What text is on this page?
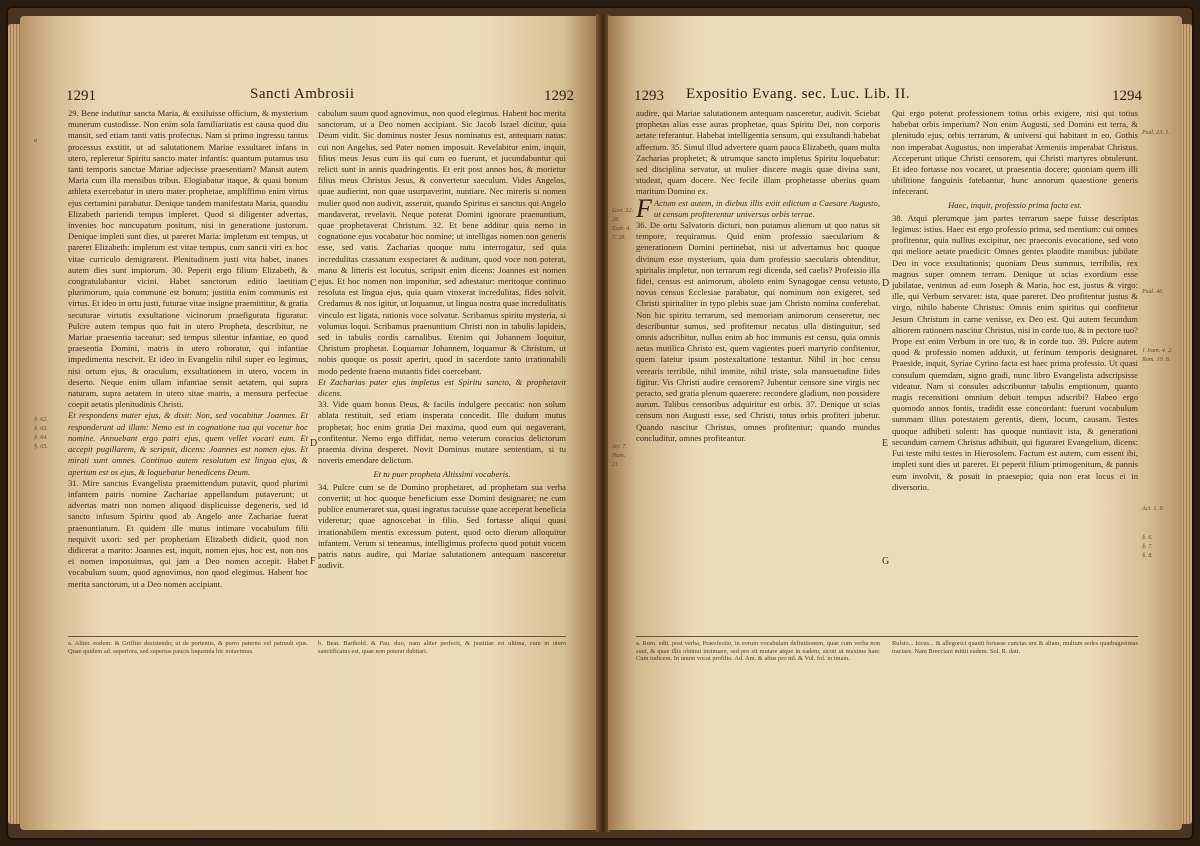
1291	Sancti Ambrosii	1292
29. Bene indutitur sancta Maria, & exsiluisse officium, & mysterium munerum custodisse. Non enim sola familiaritatis est causa quod diu mansit, sed etiam tanti vatis profectus. Nam si primo ingressu tantus processus exstitit, ut ad salutationem Mariae exsultaret infans in utero, repleretur Spiritu sancto mater infantis: quantum putamus usu tanti temporis sanctae Mariae adjecisse praesentiam? Mansit autem Maria cum illa mensibus tribus. Elogiabatur itaque, & quasi bonum athleta exercebatur in utero mater prophetae, ampliffimo enim virtus ejus certamini parabatur. Denique tandem manifestata Maria, quandiu Elizabeth pariendi tempus impleret. Quod si diligenter advertas, invenies hoc nuncupatum positum, nisi in generatione justorum. Denique impleti sunt dies, ut pareret Maria: impletum est tempus, ut pareret Elizabeth: impletum est vitae tempus, cum sancti viri ex hoc vitae curriculo demigrarent. Plenitudinem justi vita habet, inanes autem dies sunt impiorum. 30. Peperit ergo filium Elizabeth, & congratulabantur vicini. Habet sanctorum editio laetitiam plurimorum, quia commune est bonum; justitia enim communis est virtus. Et ideo in ortu justi, futurae vitae insigne praemittitur, & gratia secuturae virtutis exsultatione vicinorum praefigurata figuratur. Pulcre autem tempus quo fuit in utero Propheta, describitur, ne Mariae praesentia taceatur: sed tempus silentur infantiae, eo quod praesentia Domini, matris in utero roboratur, qui infantiae impedimenta nescivit. Et ideo in Evangelio nihil super eo legimus, nisi ortum ejus, & oraculum, exsultationem in utero, vocem in deserto. Neque enim ullam infantiae sensit aetatem, qui supra naturam, supra aetatem in utero sitae matris, a mensura perfectae coepit aetatis plenitudinis Christi.
Et respondens mater ejus, & dixit: Non, sed vocabitur Joannes. Et responderunt ad illam: Nemo est in cognatione tua qui vocetur hoc nomine. Annuebant ergo patri ejus, quem vellet vocari eum. Et accepit pugillarem, & scripsit, dicens: Joannes est nomen ejus. Et mirati sunt omnes. Continuo autem resolutum est lingua ejus, & apertum est os ejus, & loquebatur benedicens Deum.
31. Mire sanctus Evangelista praemittendum putavit, quod plurimi infantem patris nomine Zachariae appellandum putaverunt; ut advertas matri non nomen aliquod displicuisse degeneris, sed id sancto infusum Spiritu quod ab Angelo ante Zachariae fuerat praenuntiatum. Et quidem ille mutus intimare vocabulum filii nequivit uxori: sed per prophetiam Elizabeth didicit, quod non didicerat a marito: Joannes est, inquit, nomen ejus, hoc est, non nos ei nomen imposuimus, qui jam a Deo nomen accepit. Habet vocabulum suum, quod agnovimus, non quod elegimus. Habent hoc merita sanctorum, ut a Deo nomen accipiant.
cabulum suum quod agnovimus, non quod elegimus. Habent hoc merita sanctorum, ut a Deo nomen accipiant. Sic Jacob Israel dicitur, quia Deum vidit. Sic dominus noster Jesus nominatus est, antequam natus: cui non Angelus, sed Pater nomen imposuit. Revelabitur enim, inquit, filius meus Jesus cum iis qui cum eo fuerunt, et jucundabuntur qui relicti sunt in annis quadringentis. Et erit post annos hos, & morietur filius meus Christus Jesus, & convertetur saeculum. Vides Angelos, quae audierint, non quae usurpaverint, nuntiare. Nec mireris si nomen mulier quod non audivit, asseruit, quando Spiritus ei sanctus qui Angelo mandaverat, revelavit. Neque poterat Domini ignorare praenuntium, quae prophetaverat Christum. 32. Et bene additur quia nemo in cognatione ejus vocabatur hoc nomine; ut intelligas nomen non generis esse, sed vatis. Zacharias quoque nutu interrogatur, sed quia incredulitas crassatum exspectaret & auditum, quod voce non poterat, manu & litteris est locutus, scripsit enim dicens: Joannes est nomen ejus. Et hoc nomen non imponitur, sed adtestatur: meritoque continuo resoluta est lingua ejus, quia quam vinxerat incredulitas, fides solvit. Credamus & nos igitur, ut loquamur, ut lingua nostra quae incredulitatis vinculo est ligata, rationis voce solvatur. Scribamus spiritu mysteria, si volumus loqui. Scribamus praenuntium Christi non in tabulis lapideis, sed in tabulis cordis carnalibus. Etenim qui Johannem loquitur, Christum prophetat. Loquamur Johannem, loquamur & Christum, ut nobis quoque os possit aperiri, quod in sacerdote tanto irrationabili modo pedente fraeno mutantis fidei coercebant.
Et Zacharias pater ejus impletus est Spiritu sancto, & prophetavit dicens.
33. Vide quam bonus Deus, & facilis indulgere peccatis: non solum ablata restituit, sed etiam insperata concedit. Ille dudum mutus prophetat; hoc enim gratia Dei maxima, quod eum qui negaverant, confitentur. Nemo ergo diffidat, nemo veterum conscius delictorum praemia divina desperet. Novit Dominus mutare sententiam, si tu noveris emendare delictum.
Et tu puer propheta Altissimi vocaberis.
34. Pulcre cum se de Domino prophetaret, ad prophetam sua verba convertit; ut hoc quoque beneficium esse Domini designaret; ne cum publice enumeraret sua, quasi ingratus tacuisse quae acceperat beneficia videretur; quae agnoscebat in filio. Sed fortasse aliqui quasi irrationabilem mentis excessum putent, quod octo dierum alloquitur infantem. Verum si teneamus, intelligimus profecto quod potuit vocem patris natus audire, qui Mariae salutationem antequam nasceretur audivit.
a. Aliter. eodem: & Griffito desistendo; ut de portentis, & porro paterno vel patruuli ejus. Quae quidem ad. superiora, sed superius paucis loquenda hic notavimus.
b. Beat. Barthold. & Pau. duo, nam aliter perfecti, & justitiae est ultima, cum in utero sanctificatus est, quae non poterat dubitari.
a
§. 62.
§. 63.
§. 64.
§. 65.
C
D
F
1293 Expositio Evang. sec. Luc. Lib. II.	1294
Gen. 32. 28.
Esdr. 4. 7. 28.
Jer. 7.
Num. 21.
audire, qui Mariae salutationem antequam nasceretur, audivit. Sciebat prophetas alias esse auras prophetae, quas Spiritu Dei, non corporis aetate referantur. Habebat intelligentia sensum, qui exsultandi habebat affectum. 35. Simul illud advertere quam pauca Elizabeth, quam multa Zacharias prophetet; & utrumque sancto impletus Spiritu loquebatur: sed disciplina servatur, ut mulier discere magis quae divina sunt, studeat, quam docere. Nec fecile illam prophetasse uberius quam maritum Domino ex.
F Actum est autem, in diebus illis exiit edictum a Caesare Augusto, ut censum profiterentur universus orbis terrae.
36. De ortu Salvatoris dicturi, non putamus alienum ut quo natus sit tempore, requiramus. Quid enim professio saecularium & generationem Domini pertinebat, nisi ut advertamus hoc quoque divinum esse mysterium, quia dum professio saecularis obtenditur, spiritalis impletur, non terrarum regi dicenda, sed caelis? Professio illa fidei, census est animorum, aboleto enim Synagogae censu vetusto, novus census Ecclesiae parabatur, qui nominum non exigeret, sed Christi spiritaliter in typo plebis suae jam Christo nomina conferebat. Non hic spiritu terrarum, sed memoriam animorum censeretur, nec describuntur sumus, sed profitemur necatus ulla distinguitur, sed omnis adscribitur, nullus enim ab hoc immunis est censu, quia omnis aetas mutilica Christo est, quem vagientes pueri martyrio confitentur, quem fatetur ipsum postexaltatione testantur. Nihil in hoc censu verearis terribile, nihil immite, nihil triste, sola mansuetudine fides figitur. Vis Christi audire censorem? Jubentur censore sine virgis nec peracto, sed gratia plenum quaerere: recondere gladium, non possidere aurum. Talibus censoribus adquiritur est orbis. 37. Denique ut scias censum non Augusti esse, sed Christi, totus orbis profiteri jubetur. Quando nascitur Christus, omnes profitentur; quando mundus concluditur, omnes profiteantur.
Qui ergo poterat professionem totius orbis exigere, nisi qui totius habebat orbis imperium? Non enim Augusti, sed Domini est terra, & plenitudo ejus, orbis terrarum, & universi qui habitant in eo. Gothis non imperabat Augustus, non imperabat Armeniis imperabat Christus. Acceperunt utique Christi censorem, qui Christi martyres obtulerunt. Et ideo fortasse nos vocaret, ut praesentia docere; quoniam quem illi ubilitione fanguinis fatebantur, hunc annorum quaestione generis infecerant.
Haec, inquit, professio prima facta est.
38. Atqui plerumque jam partes terrarum saepe fuisse descriptas legimus: istius. Haec est ergo professio prima, sed mentium: cui omnes profitentur, quia nullius excipitur, nec praeconis evocatione, sed voto qui meliore aetate praedicit: Omnes gentes plaudite manibus: jubilate Deo in voce exsultationis; quoniam Deus summus, terribilis, rex magnus super omnem terram. Denique ut scias exordium esse jubilatae, venimus ad eum Joseph & Maria, hoc est, justus & virgo: ille, qui Verbum servaret: ista, quae pareret. Deo profitentur justus & virgo, nihilo habente Christus: Omnis enim spiritus qui confitetur Jesum Christum in carne venisse, ex Deo est. Qui autem fecundum altiorem rationem nascitur Christus, nisi in corde tuo, & in pectore tuo? Prope est enim Verbum in ore tuo, & in corde tuo. 39. Pulcre autem quod & professio nomen adduxit, ut ferinum temporis designaret. Praeside, inquit, Syriae Cyrino facta est haec prima professio. Ut quasi consulum quemdam, signo gradi, nunc libro Evangelista adscripsisse videatur. Nam si consules adscribuntur tabulis emptionum, quanto magis recensitioni omnium debuit tempus adscribi? Habeo ergo quomodo annos fontis, tradidit esse concordant: fuerunt vocabulum summam illius potestatem gerentis, diem, locum, causam. Testes quoque adhibeti solent: has quoque nuntiavit ista, & generationi secundum carnem Christus adhibuit, qui figuraret Evangelium, dicens: Fui teste mihi testes in Hierosolem. Factum est autem, cum essent ibi, impleti sunt dies ut pareret. Et peperit filium primogenitum, & pannis eum involvit, & posuit in praesepio; quia non erat locus ei in diversorio.
D
E
G
a. Rom. edit. post verba, Praesfectio, in eorum vocabulam definitionem, quae cum verba non sunt, & quae illis obtinui insinuare, sed pro sit mutare atque in eadem, sicuti ut maxime haec Cum iudicem. In unum vocat profilto. Ad. Am. & alius pro nil. & Vul. fol. in imam.
Rulsio... Iocus... & allegorici quanti fortasse cunctas uni & aliam, multum sedes quadragesimas tractare. Nam Brecciani mittit eadem. Sol. R. dati.
Psal. 23. 1.
Psal. 46.
1 Joan. 4. 2.
Rom. 10. 8.
Act. 1. 8.
§. 6.
§. 7.
§. 8.
